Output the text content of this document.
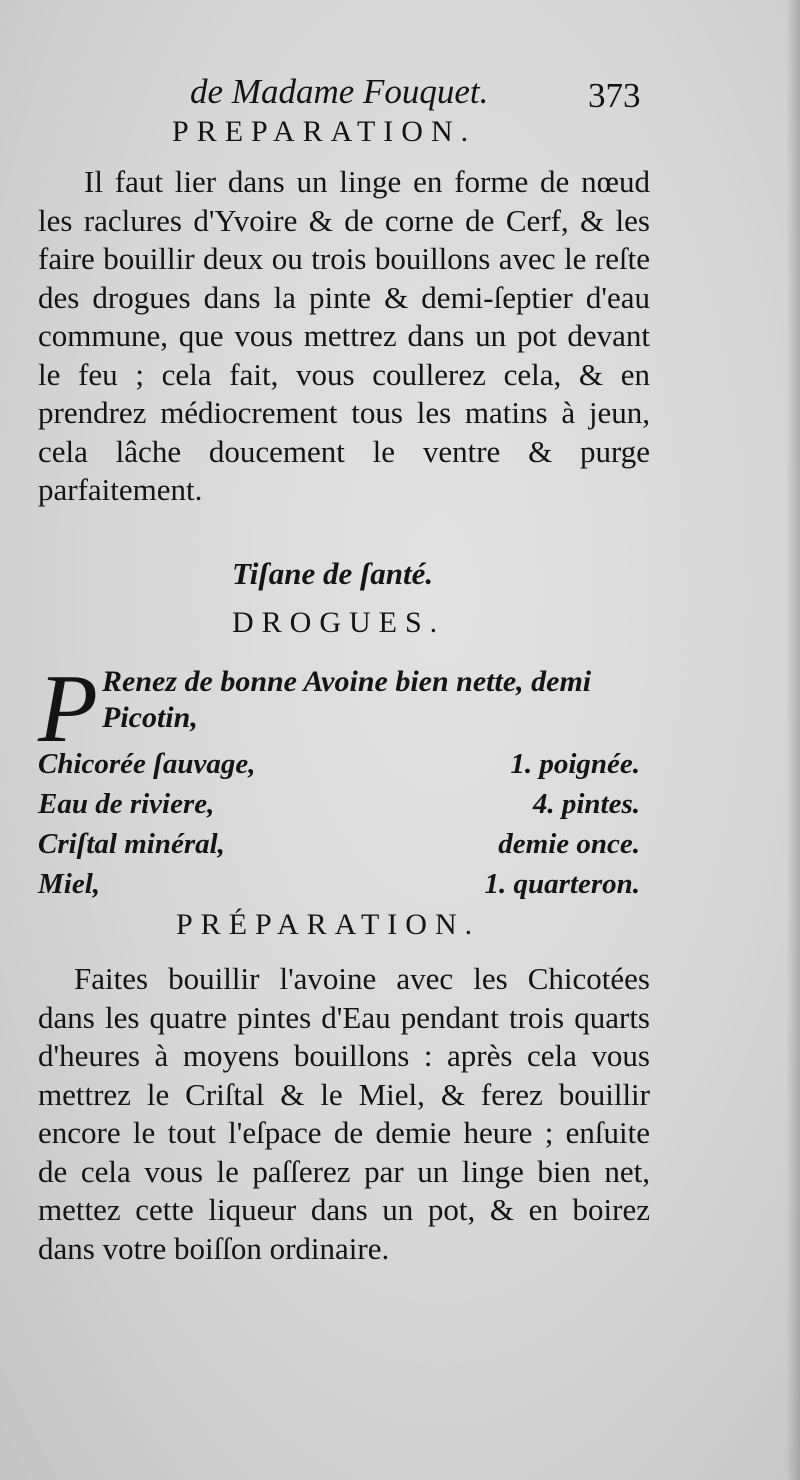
de Madame Fouquet.	373
PREPARATION.
Il faut lier dans un linge en forme de nœud les raclures d'Yvoire & de corne de Cerf, & les faire bouillir deux ou trois bouillons avec le reſte des drogues dans la pinte & demi-ſeptier d'eau commune, que vous mettrez dans un pot devant le feu ; cela fait, vous coullerez cela, & en prendrez médiocrement tous les matins à jeun, cela lâche doucement le ventre & purge parfaitement.
Tiſane de ſanté.
DROGUES.
P Renez de bonne Avoine bien nette, demi Picotin,
Chicorée ſauvage,	1. poignée.
Eau de riviere,	4. pintes.
Criſtal minéral,	demie once.
Miel,	1. quarteron.
PRÉPARATION.
Faites bouillir l'avoine avec les Chicotées dans les quatre pintes d'Eau pendant trois quarts d'heures à moyens bouillons : après cela vous mettrez le Criſtal & le Miel, & ferez bouillir encore le tout l'eſpace de demie heure ; enſuite de cela vous le paſſerez par un linge bien net, mettez cette liqueur dans un pot, & en boirez dans votre boiſſon ordinaire.
